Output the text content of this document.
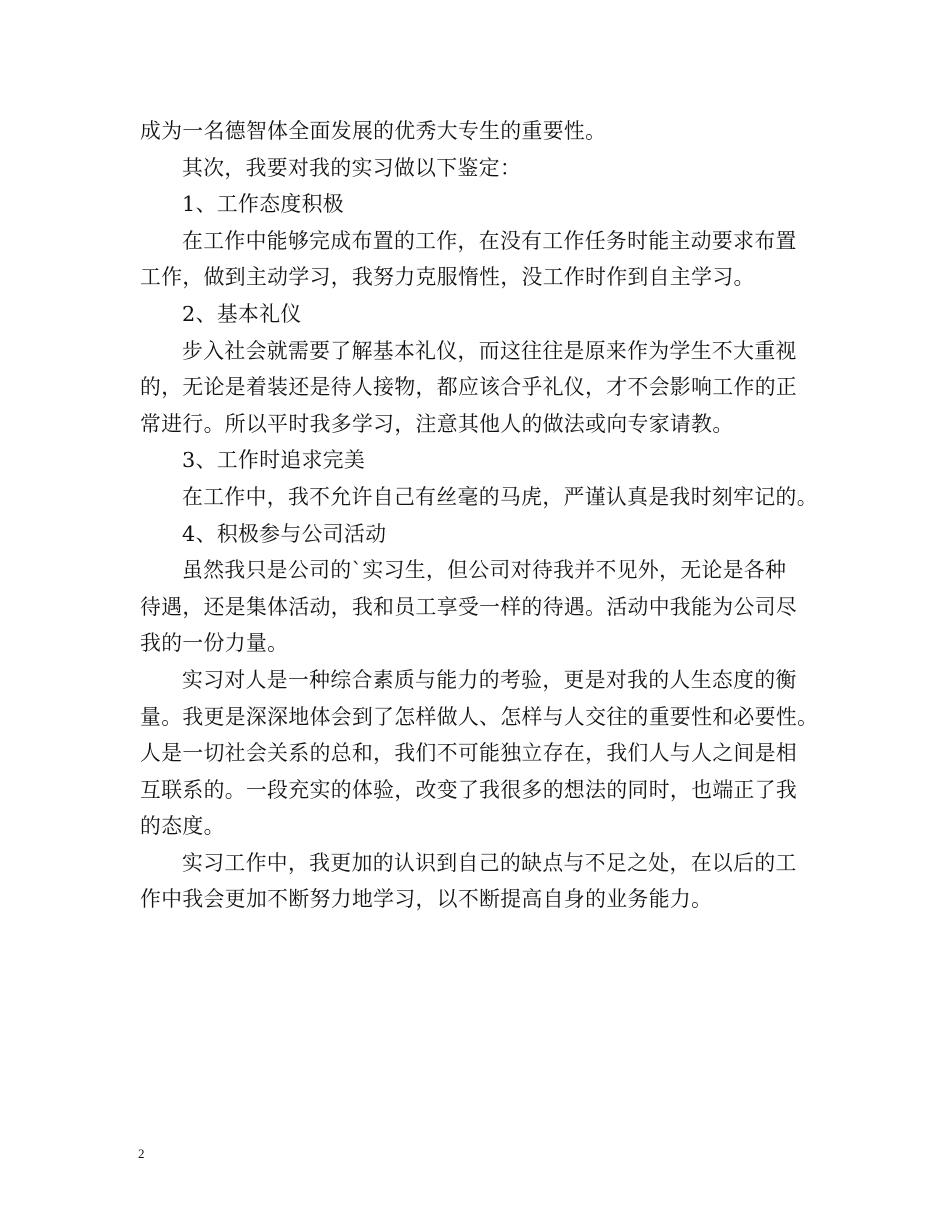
成为一名德智体全面发展的优秀大专生的重要性。
其次，我要对我的实习做以下鉴定：
1、工作态度积极
在工作中能够完成布置的工作，在没有工作任务时能主动要求布置
工作，做到主动学习，我努力克服惰性，没工作时作到自主学习。
2、基本礼仪
步入社会就需要了解基本礼仪，而这往往是原来作为学生不大重视
的，无论是着装还是待人接物，都应该合乎礼仪，才不会影响工作的正
常进行。所以平时我多学习，注意其他人的做法或向专家请教。
3、工作时追求完美
在工作中，我不允许自己有丝毫的马虎，严谨认真是我时刻牢记的。
4、积极参与公司活动
虽然我只是公司的`实习生，但公司对待我并不见外，无论是各种
待遇，还是集体活动，我和员工享受一样的待遇。活动中我能为公司尽
我的一份力量。
实习对人是一种综合素质与能力的考验，更是对我的人生态度的衡
量。我更是深深地体会到了怎样做人、怎样与人交往的重要性和必要性。
人是一切社会关系的总和，我们不可能独立存在，我们人与人之间是相
互联系的。一段充实的体验，改变了我很多的想法的同时，也端正了我
的态度。
实习工作中，我更加的认识到自己的缺点与不足之处，在以后的工
作中我会更加不断努力地学习，以不断提高自身的业务能力。
2
